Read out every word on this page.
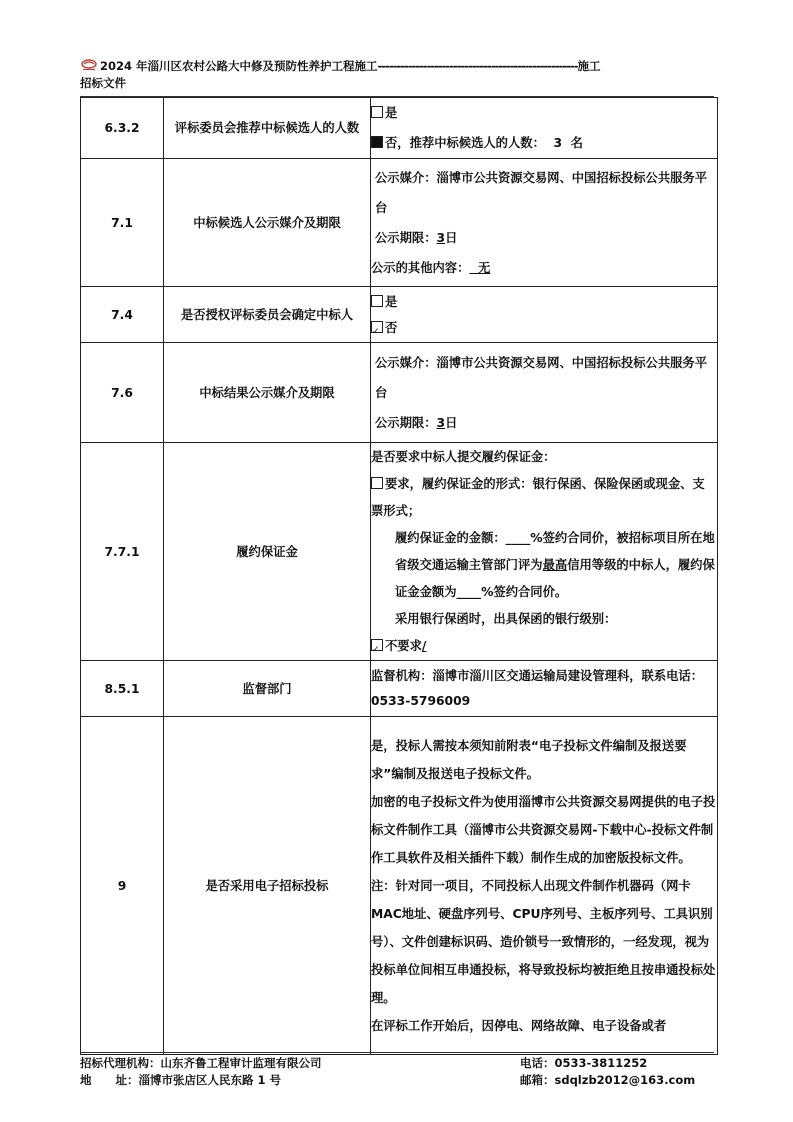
2024 年淄川区农村公路大中修及预防性养护工程施工-----------------------------------------------------施工
招标文件
6.3.2	评标委员会推荐中标候选人的人数	是
否，推荐中标候选人的人数： 3 名

7.1	中标候选人公示媒介及期限	公示媒介：淄博市公共资源交易网、中国招标投标公共服务平台
公示期限：3日
公示的其他内容： 无

7.4	是否授权评标委员会确定中标人	是
✓否

7.6	中标结果公示媒介及期限	公示媒介：淄博市公共资源交易网、中国招标投标公共服务平台
公示期限：3日

7.7.1	履约保证金	是否要求中标人提交履约保证金：
要求，履约保证金的形式：银行保函、保险保函或现金、支票形式；
履约保证金的金额：____%签约合同价，被招标项目所在地省级交通运输主管部门评为最高信用等级的中标人，履约保证金金额为____%签约合同价。
采用银行保函时，出具保函的银行级别：
✓不要求/

8.5.1	监督部门	监督机构：淄博市淄川区交通运输局建设管理科，联系电话：0533-5796009

9	是否采用电子招标投标	是，投标人需按本须知前附表“电子投标文件编制及报送要求”编制及报送电子投标文件。
加密的电子投标文件为使用淄博市公共资源交易网提供的电子投标文件制作工具（淄博市公共资源交易网-下载中心-投标文件制作工具软件及相关插件下载）制作生成的加密版投标文件。
注：针对同一项目，不同投标人出现文件制作机器码（网卡MAC地址、硬盘序列号、CPU序列号、主板序列号、工具识别号）、文件创建标识码、造价锁号一致情形的，一经发现，视为投标单位间相互串通投标，将导致投标均被拒绝且按串通投标处理。
在评标工作开始后，因停电、网络故障、电子设备或者
招标代理机构：山东齐鲁工程审计监理有限公司	电话：0533-3811252
地      址：淄博市张店区人民东路 1 号	邮箱：sdqlzb2012@163.com
